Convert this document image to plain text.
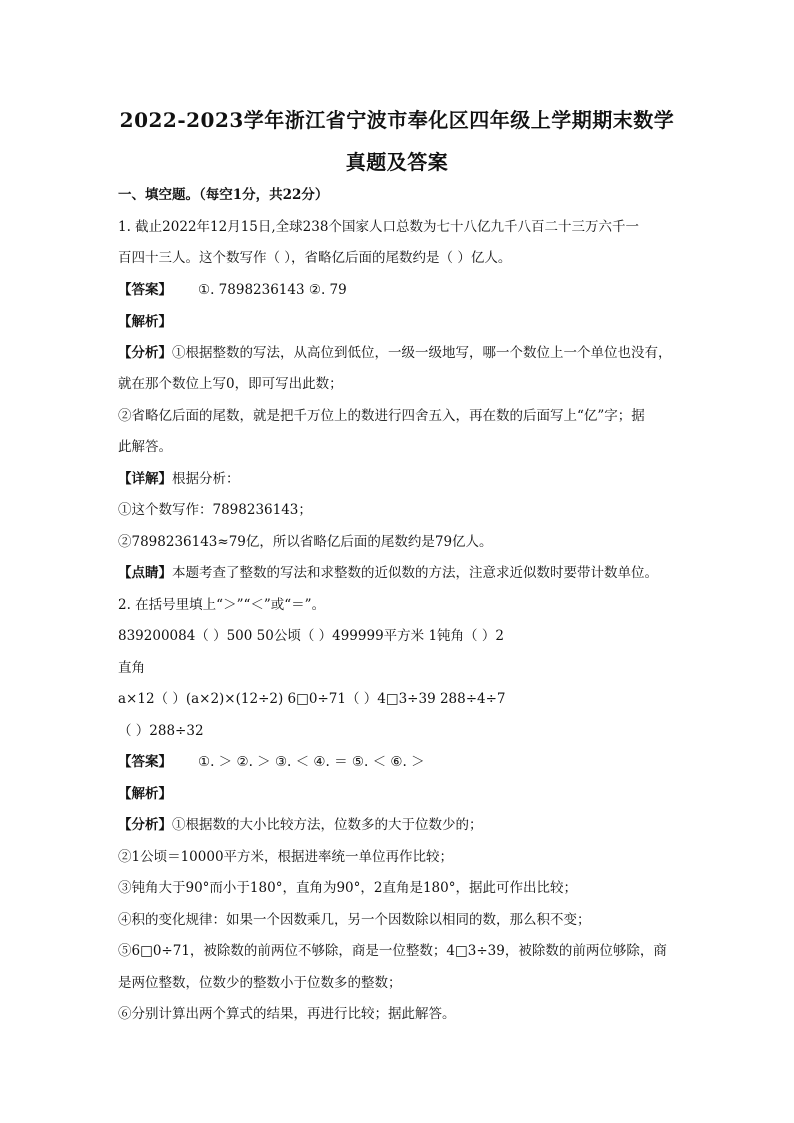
2022-2023学年浙江省宁波市奉化区四年级上学期期末数学
真题及答案
一、填空题。（每空1分，共22分）
1. 截止2022年12月15日,全球238个国家人口总数为七十八亿九千八百二十三万六千一
百四十三人。这个数写作（ ），省略亿后面的尾数约是（ ）亿人。
【答案】 ①. 7898236143 ②. 79
【解析】
【分析】①根据整数的写法，从高位到低位，一级一级地写，哪一个数位上一个单位也没有，
就在那个数位上写0，即可写出此数；
②省略亿后面的尾数，就是把千万位上的数进行四舍五入，再在数的后面写上“亿”字；据
此解答。
【详解】根据分析：
①这个数写作：7898236143；
②7898236143≈79亿，所以省略亿后面的尾数约是79亿人。
【点睛】本题考查了整数的写法和求整数的近似数的方法，注意求近似数时要带计数单位。
2. 在括号里填上“＞”“＜”或“＝”。
839200084（ ）500 50公顷（ ）499999平方米 1钝角（ ）2
直角
a×12（ ）(a×2)×(12÷2) 6□0÷71（ ）4□3÷39 288÷4÷7
（ ）288÷32
【答案】 ①. ＞ ②. ＞ ③. ＜ ④. ＝ ⑤. ＜ ⑥. ＞
【解析】
【分析】①根据数的大小比较方法，位数多的大于位数少的；
②1公顷＝10000平方米，根据进率统一单位再作比较；
③钝角大于90°而小于180°，直角为90°，2直角是180°，据此可作出比较；
④积的变化规律：如果一个因数乘几，另一个因数除以相同的数，那么积不变；
⑤6□0÷71，被除数的前两位不够除，商是一位整数；4□3÷39，被除数的前两位够除，商
是两位整数，位数少的整数小于位数多的整数；
⑥分别计算出两个算式的结果，再进行比较；据此解答。
